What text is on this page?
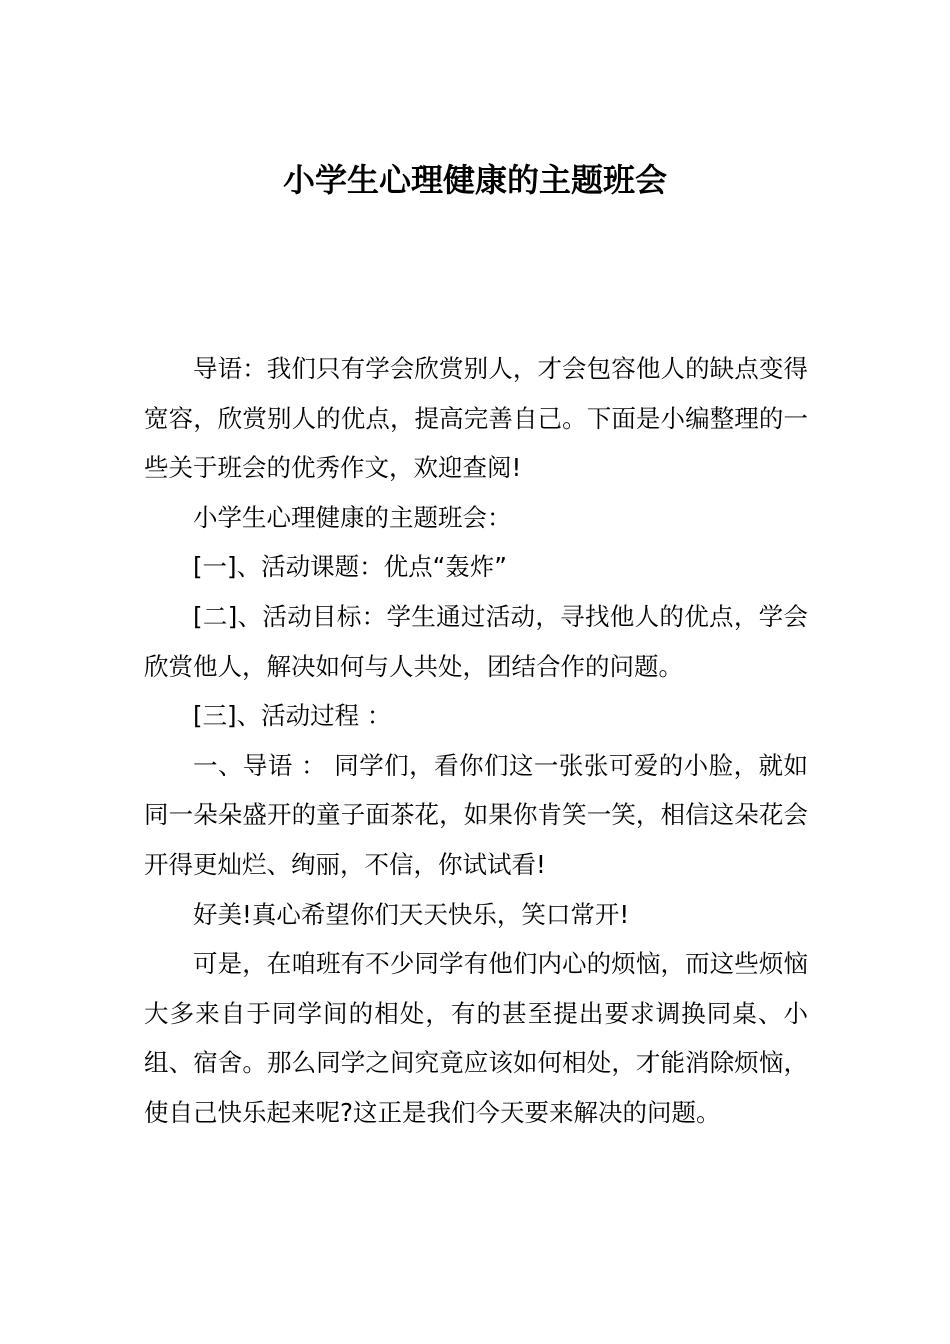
小学生心理健康的主题班会

导语：我们只有学会欣赏别人，才会包容他人的缺点变得宽容，欣赏别人的优点，提高完善自己。下面是小编整理的一些关于班会的优秀作文，欢迎查阅!

小学生心理健康的主题班会：

[一]、活动课题：优点“轰炸”

[二]、活动目标：学生通过活动，寻找他人的优点，学会欣赏他人，解决如何与人共处，团结合作的问题。

[三]、活动过程 ：

一、导语 ： 同学们，看你们这一张张可爱的小脸，就如同一朵朵盛开的童子面茶花，如果你肯笑一笑，相信这朵花会开得更灿烂、绚丽，不信，你试试看!

好美!真心希望你们天天快乐，笑口常开!

可是，在咱班有不少同学有他们内心的烦恼，而这些烦恼大多来自于同学间的相处，有的甚至提出要求调换同桌、小组、宿舍。那么同学之间究竟应该如何相处，才能消除烦恼，使自己快乐起来呢?这正是我们今天要来解决的问题。
